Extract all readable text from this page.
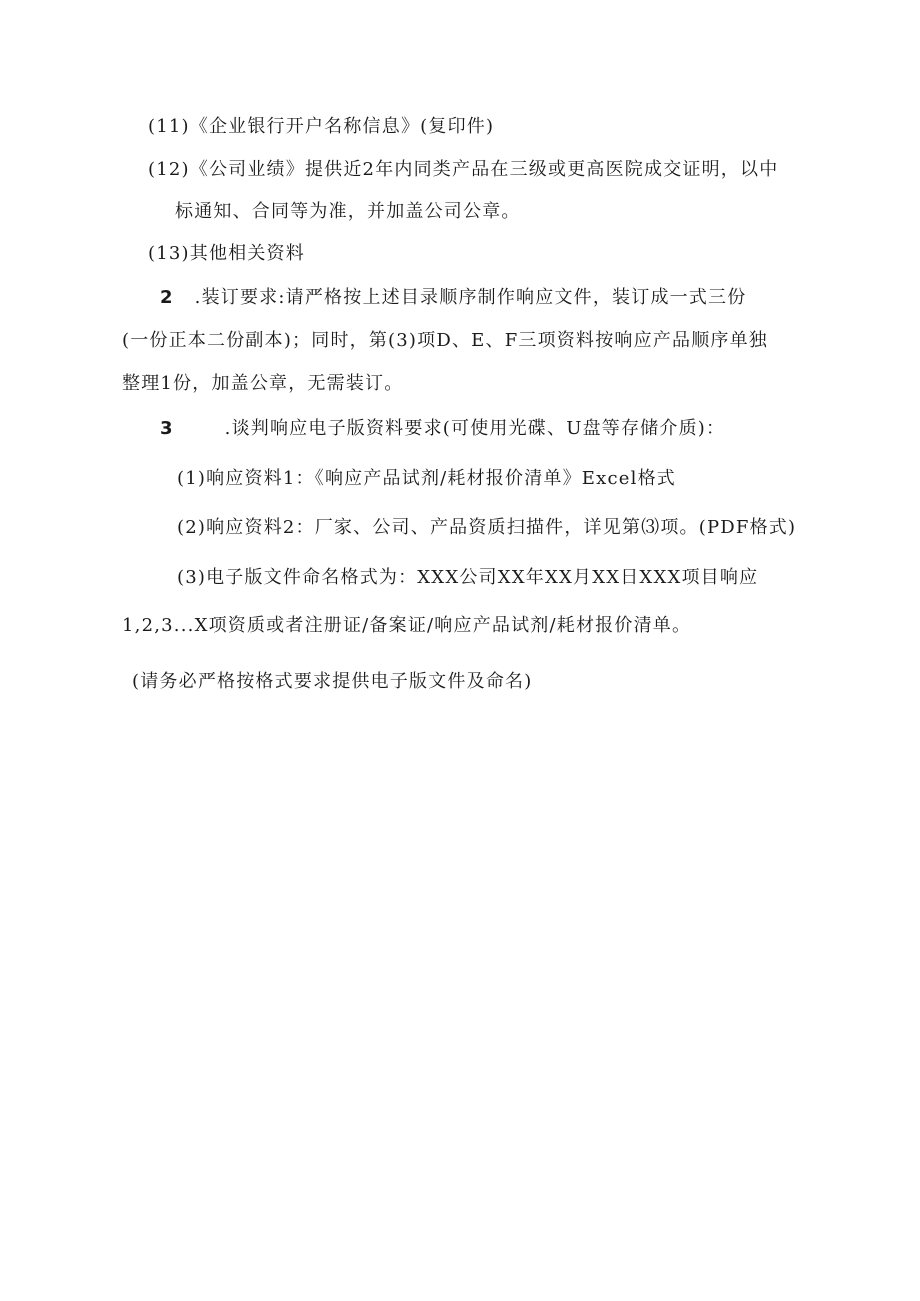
(11)《企业银行开户名称信息》(复印件)
(12)《公司业绩》提供近2年内同类产品在三级或更高医院成交证明，以中
标通知、合同等为准，并加盖公司公章。
(13)其他相关资料
2 .装订要求:请严格按上述目录顺序制作响应文件，装订成一式三份
(一份正本二份副本)；同时，第(3)项D、E、F三项资料按响应产品顺序单独
整理1份，加盖公章，无需装订。
3	.谈判响应电子版资料要求(可使用光碟、U盘等存储介质)：
(1)响应资料1：《响应产品试剂/耗材报价清单》Excel格式
(2)响应资料2：厂家、公司、产品资质扫描件，详见第⑶项。(PDF格式)
(3)电子版文件命名格式为：XXX公司XX年XX月XX日XXX项目响应
1,2,3...X项资质或者注册证/备案证/响应产品试剂/耗材报价清单。
(请务必严格按格式要求提供电子版文件及命名)
